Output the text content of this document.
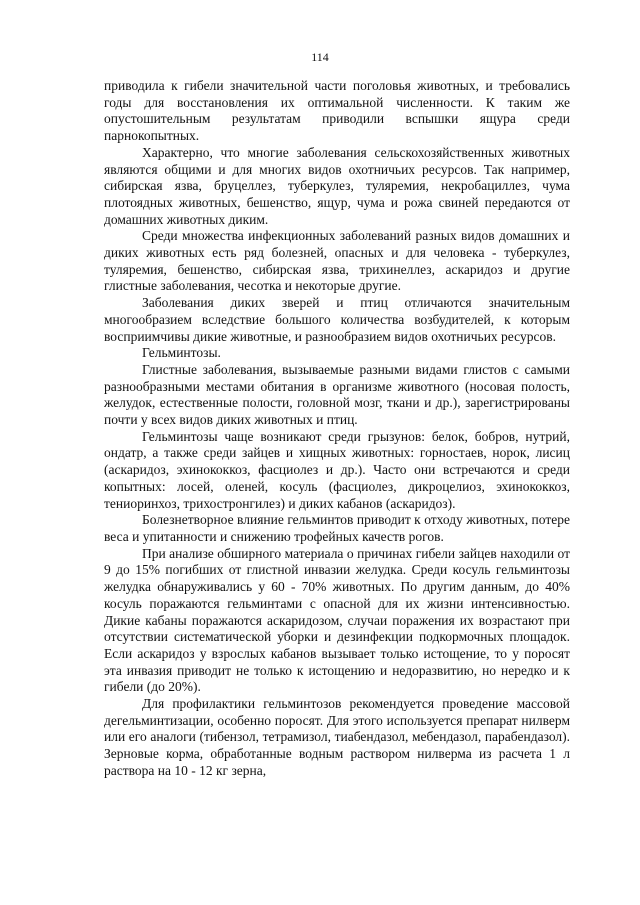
114

приводила к гибели значительной части поголовья животных, и требовались годы для восстановления их оптимальной численности. К таким же опустошительным результатам приводили вспышки ящура среди парнокопытных.

Характерно, что многие заболевания сельскохозяйственных животных являются общими и для многих видов охотничьих ресурсов. Так например, сибирская язва, бруцеллез, туберкулез, туляремия, некробациллез, чума плотоядных животных, бешенство, ящур, чума и рожа свиней передаются от домашних животных диким.

Среди множества инфекционных заболеваний разных видов домашних и диких животных есть ряд болезней, опасных и для человека - туберкулез, туляремия, бешенство, сибирская язва, трихинеллез, аскаридоз и другие глистные заболевания, чесотка и некоторые другие.

Заболевания диких зверей и птиц отличаются значительным многообразием вследствие большого количества возбудителей, к которым восприимчивы дикие животные, и разнообразием видов охотничьих ресурсов.

Гельминтозы.

Глистные заболевания, вызываемые разными видами глистов с самыми разнообразными местами обитания в организме животного (носовая полость, желудок, естественные полости, головной мозг, ткани и др.), зарегистрированы почти у всех видов диких животных и птиц.

Гельминтозы чаще возникают среди грызунов: белок, бобров, нутрий, ондатр, а также среди зайцев и хищных животных: горностаев, норок, лисиц (аскаридоз, эхинококкоз, фасциолез и др.). Часто они встречаются и среди копытных: лосей, оленей, косуль (фасциолез, дикроцелиоз, эхинококкоз, тениоринхоз, трихостронгилез) и диких кабанов (аскаридоз).

Болезнетворное влияние гельминтов приводит к отходу животных, потере веса и упитанности и снижению трофейных качеств рогов.

При анализе обширного материала о причинах гибели зайцев находили от 9 до 15% погибших от глистной инвазии желудка. Среди косуль гельминтозы желудка обнаруживались у 60 - 70% животных. По другим данным, до 40% косуль поражаются гельминтами с опасной для их жизни интенсивностью. Дикие кабаны поражаются аскаридозом, случаи поражения их возрастают при отсутствии систематической уборки и дезинфекции подкормочных площадок. Если аскаридоз у взрослых кабанов вызывает только истощение, то у поросят эта инвазия приводит не только к истощению и недоразвитию, но нередко и к гибели (до 20%).

Для профилактики гельминтозов рекомендуется проведение массовой дегельминтизации, особенно поросят. Для этого используется препарат нилверм или его аналоги (тибензол, тетрамизол, тиабендазол, мебендазол, парабендазол). Зерновые корма, обработанные водным раствором нилверма из расчета 1 л раствора на 10 - 12 кг зерна,
